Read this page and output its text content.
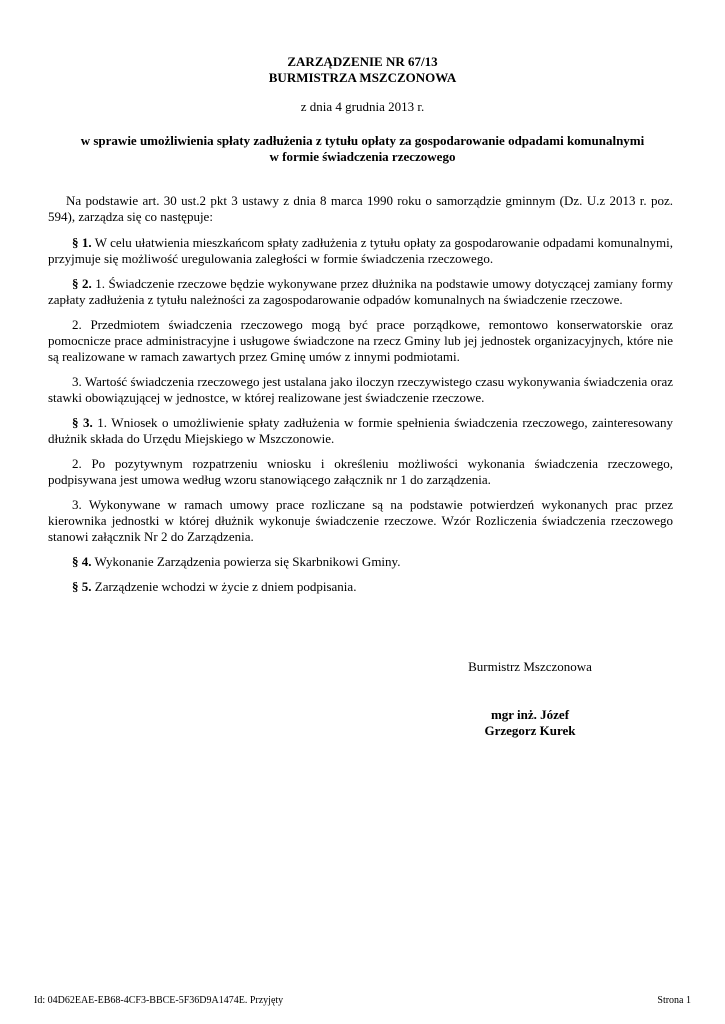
ZARZĄDZENIE NR 67/13
BURMISTRZA MSZCZONOWA
z dnia 4 grudnia 2013 r.
w sprawie umożliwienia spłaty zadłużenia z tytułu opłaty za gospodarowanie odpadami komunalnymi
w formie świadczenia rzeczowego

Na podstawie art. 30 ust.2 pkt 3 ustawy z dnia 8 marca 1990 roku o samorządzie gminnym (Dz. U.z 2013 r. poz. 594), zarządza się co następuje:

§ 1. W celu ułatwienia mieszkańcom spłaty zadłużenia z tytułu opłaty za gospodarowanie odpadami komunalnymi, przyjmuje się możliwość uregulowania zaległości w formie świadczenia rzeczowego.

§ 2. 1. Świadczenie rzeczowe będzie wykonywane przez dłużnika na podstawie umowy dotyczącej zamiany formy zapłaty zadłużenia z tytułu należności za zagospodarowanie odpadów komunalnych na świadczenie rzeczowe.

2. Przedmiotem świadczenia rzeczowego mogą być prace porządkowe, remontowo konserwatorskie oraz pomocnicze prace administracyjne i usługowe świadczone na rzecz Gminy lub jej jednostek organizacyjnych, które nie są realizowane w ramach zawartych przez Gminę umów z innymi podmiotami.

3. Wartość świadczenia rzeczowego jest ustalana jako iloczyn rzeczywistego czasu wykonywania świadczenia oraz stawki obowiązującej w jednostce, w której realizowane jest świadczenie rzeczowe.

§ 3. 1. Wniosek o umożliwienie spłaty zadłużenia w formie spełnienia świadczenia rzeczowego, zainteresowany dłużnik składa do Urzędu Miejskiego w Mszczonowie.

2. Po pozytywnym rozpatrzeniu wniosku i określeniu możliwości wykonania świadczenia rzeczowego, podpisywana jest umowa według wzoru stanowiącego załącznik nr 1 do zarządzenia.

3. Wykonywane w ramach umowy prace rozliczane są na podstawie potwierdzeń wykonanych prac przez kierownika jednostki w której dłużnik wykonuje świadczenie rzeczowe. Wzór Rozliczenia świadczenia rzeczowego stanowi załącznik Nr 2 do Zarządzenia.

§ 4. Wykonanie Zarządzenia powierza się Skarbnikowi Gminy.

§ 5. Zarządzenie wchodzi w życie z dniem podpisania.

Burmistrz Mszczonowa
mgr inż. Józef
Grzegorz Kurek
Id: 04D62EAE-EB68-4CF3-BBCE-5F36D9A1474E. Przyjęty	Strona 1
